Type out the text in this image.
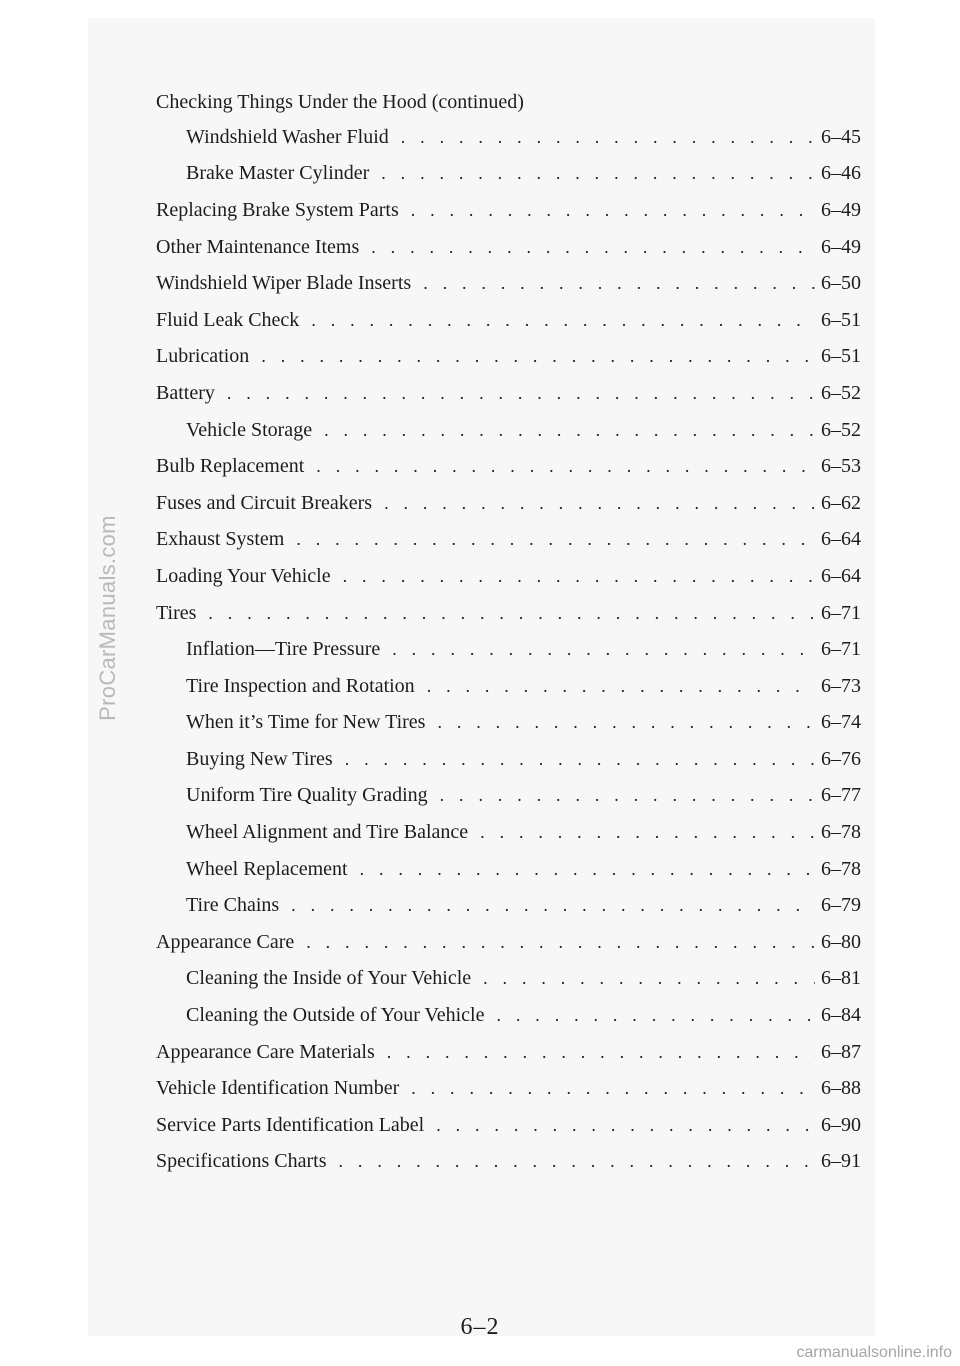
ProCarManuals.com
Checking Things Under the Hood (continued)
Windshield Washer Fluid . . .	6–45
Brake Master Cylinder . . .	6–46
Replacing Brake System Parts . . .	6–49
Other Maintenance Items . . .	6–49
Windshield Wiper Blade Inserts . . .	6–50
Fluid Leak Check . . .	6–51
Lubrication . . .	6–51
Battery . . .	6–52
Vehicle Storage . . .	6–52
Bulb Replacement . . .	6–53
Fuses and Circuit Breakers . . .	6–62
Exhaust System . . .	6–64
Loading Your Vehicle . . .	6–64
Tires . . .	6–71
Inflation—Tire Pressure . . .	6–71
Tire Inspection and Rotation . . .	6–73
When it’s Time for New Tires . . .	6–74
Buying New Tires . . .	6–76
Uniform Tire Quality Grading . . .	6–77
Wheel Alignment and Tire Balance . . .	6–78
Wheel Replacement . . .	6–78
Tire Chains . . .	6–79
Appearance Care . . .	6–80
Cleaning the Inside of Your Vehicle . . .	6–81
Cleaning the Outside of Your Vehicle . . .	6–84
Appearance Care Materials . . .	6–87
Vehicle Identification Number . . .	6–88
Service Parts Identification Label . . .	6–90
Specifications Charts . . .	6–91
6–2
carmanualsonline.info
